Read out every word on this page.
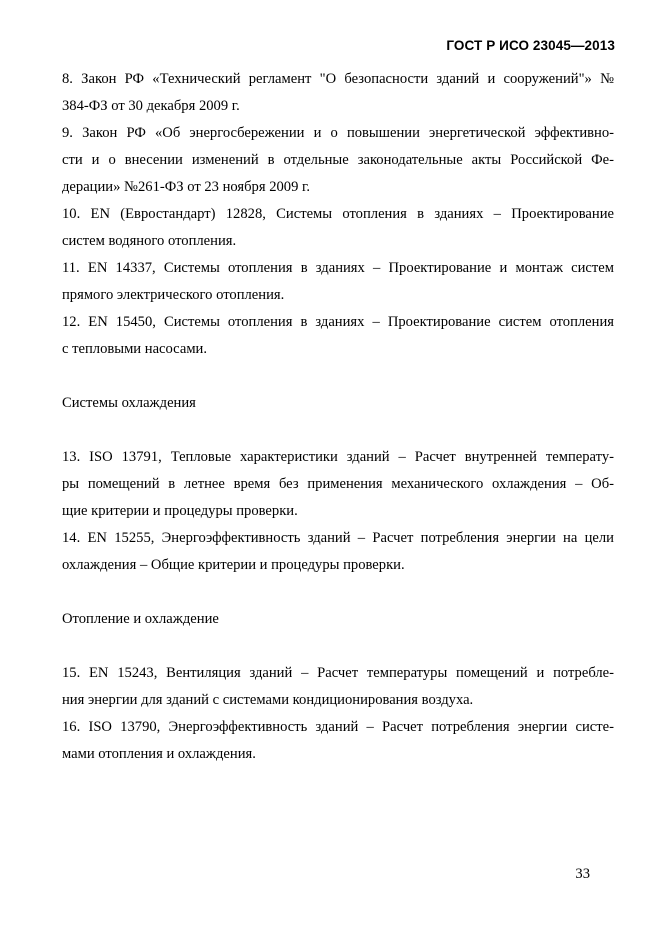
ГОСТ Р ИСО 23045—2013
8. Закон РФ «Технический регламент "О безопасности зданий и сооружений"» №
384-ФЗ от 30 декабря 2009 г.
9. Закон РФ «Об энергосбережении и о повышении энергетической эффективно-
сти и о внесении изменений в отдельные законодательные акты Российской Фе-
дерации» №261-ФЗ от 23 ноября 2009 г.
10. EN (Евростандарт) 12828, Системы отопления в зданиях – Проектирование
систем водяного отопления.
11. EN 14337, Системы отопления в зданиях – Проектирование и монтаж систем
прямого электрического отопления.
12. EN 15450, Системы отопления в зданиях – Проектирование систем отопления
с тепловыми насосами.
Системы охлаждения
13. ISO 13791, Тепловые характеристики зданий – Расчет внутренней температу-
ры помещений в летнее время без применения механического охлаждения – Об-
щие критерии и процедуры проверки.
14. EN 15255, Энергоэффективность зданий – Расчет потребления энергии на цели
охлаждения – Общие критерии и процедуры проверки.
Отопление и охлаждение
15. EN 15243, Вентиляция зданий – Расчет температуры помещений и потребле-
ния энергии для зданий с системами кондиционирования воздуха.
16. ISO 13790, Энергоэффективность зданий – Расчет потребления энергии систе-
мами отопления и охлаждения.
33
